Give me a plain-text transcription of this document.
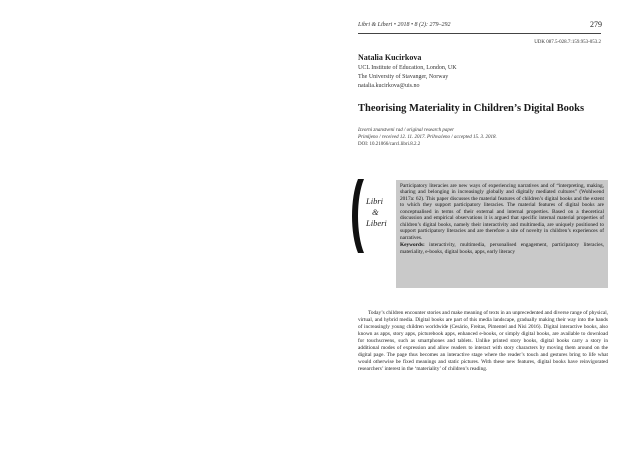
Libri & Liberi • 2018 • 8 (2): 279–292	279
UDK 087.5-028.7:159.953-053.2
Natalia Kucirkova
UCL Institute of Education, London, UK
The University of Stavanger, Norway
natalia.kucirkova@uis.no
Theorising Materiality in Children’s Digital Books
Izvorni znanstveni rad / original research paper
Primljeno / received 12. 11. 2017. Prihvaćeno / accepted 15. 3. 2018.
DOI: 10.21066/carcl.libri.8.2.2
Libri
&
Liberi

Participatory literacies are new ways of experiencing narratives and of “interpreting, making, sharing and belonging in increasingly globally and digitally mediated cultures” (Wohlwend 2017a: 62). This paper discusses the material features of children’s digital books and the extent to which they support participatory literacies. The material features of digital books are conceptualised in terms of their external and internal properties. Based on a theoretical discussion and empirical observations it is argued that specific internal material properties of children’s digital books, namely their interactivity and multimedia, are uniquely positioned to support participatory literacies and are therefore a site of novelty in children’s experiences of narratives.

Keywords: interactivity, multimedia, personalised engagement, participatory literacies, materiality, e-books, digital books, apps, early literacy

Today’s children encounter stories and make meaning of texts in an unprecedented and diverse range of physical, virtual, and hybrid media. Digital books are part of this media landscape, gradually making their way into the hands of increasingly young children worldwide (Cesário, Freitas, Pimentel and Nisi 2016). Digital interactive books, also known as apps, story apps, picturebook apps, enhanced e-books, or simply digital books, are available to download for touchscreens, such as smartphones and tablets. Unlike printed story books, digital books carry a story in additional modes of expression and allow readers to interact with story characters by moving them around on the digital page. The page thus becomes an interactive stage where the reader’s touch and gestures bring to life what would otherwise be fixed meanings and static pictures. With these new features, digital books have reinvigorated researchers’ interest in the ‘materiality’ of children’s reading.
